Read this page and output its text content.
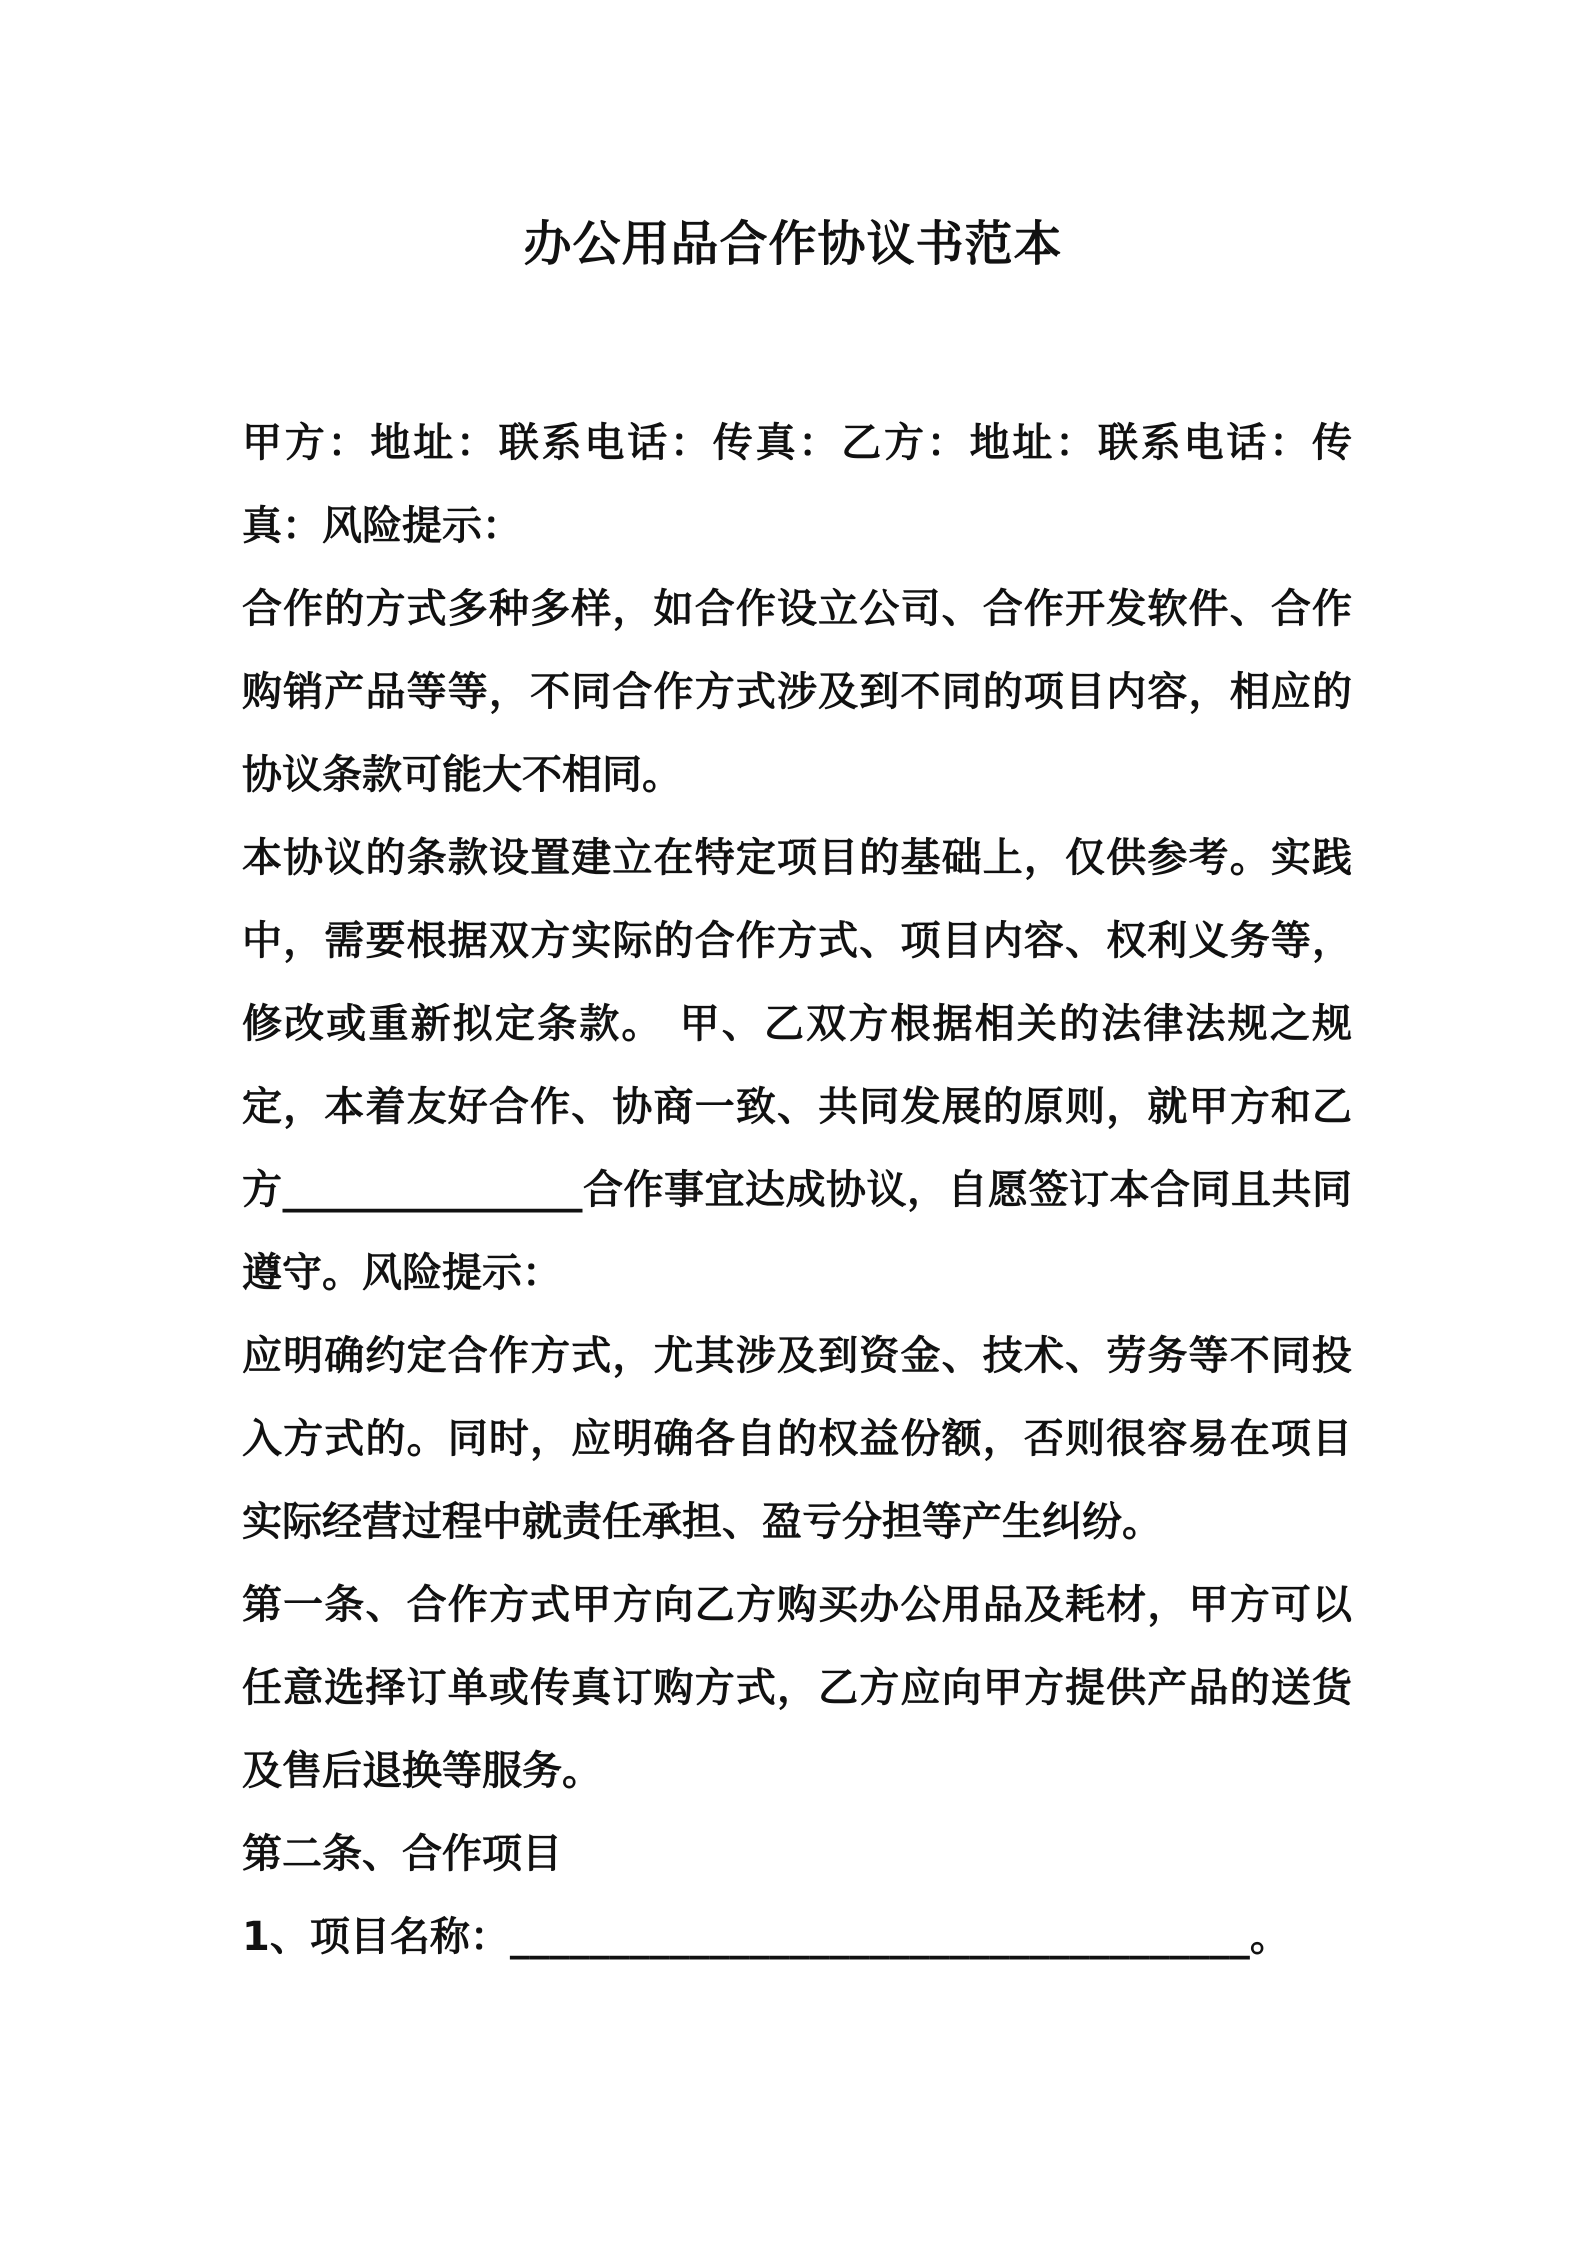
办公用品合作协议书范本

甲方：地址：联系电话：传真：乙方：地址：联系电话：传真：风险提示：

合作的方式多种多样，如合作设立公司、合作开发软件、合作购销产品等等，不同合作方式涉及到不同的项目内容，相应的协议条款可能大不相同。

本协议的条款设置建立在特定项目的基础上，仅供参考。实践中，需要根据双方实际的合作方式、项目内容、权利义务等，修改或重新拟定条款。 甲、乙双方根据相关的法律法规之规定，本着友好合作、协商一致、共同发展的原则，就甲方和乙方_______________合作事宜达成协议，自愿签订本合同且共同遵守。风险提示：

应明确约定合作方式，尤其涉及到资金、技术、劳务等不同投入方式的。同时，应明确各自的权益份额，否则很容易在项目实际经营过程中就责任承担、盈亏分担等产生纠纷。

第一条、合作方式甲方向乙方购买办公用品及耗材，甲方可以任意选择订单或传真订购方式，乙方应向甲方提供产品的送货及售后退换等服务。

第二条、合作项目

1、项目名称：_____________________________________。
